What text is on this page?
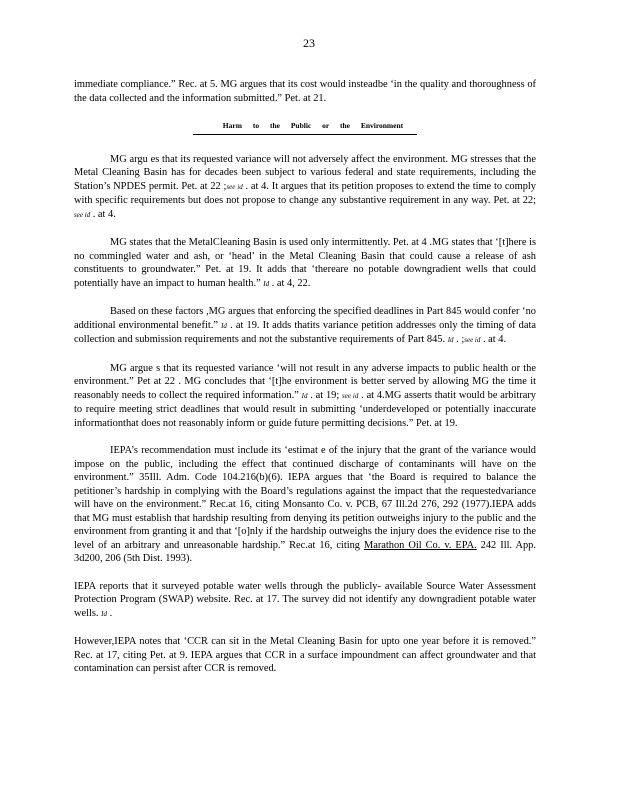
23
immediate compliance.” Rec. at 5. MG argues that its cost would insteadbe ‘in the quality and thoroughness of the data collected and the information submitted.” Pet. at 21.
Harm to the Public or the Environment
MG argu es that its requested variance will not adversely affect the environment. MG stresses that the Metal Cleaning Basin has for decades been subject to various federal and state requirements, including the Station’s NPDES permit. Pet. at 22 ;see id . at 4. It argues that its petition proposes to extend the time to comply with specific requirements but does not propose to change any substantive requirement in any way. Pet. at 22; see id . at 4.
MG states that the MetalCleaning Basin is used only intermittently. Pet. at 4 .MG states that ‘[t]here is no commingled water and ash, or ‘head’ in the Metal Cleaning Basin that could cause a release of ash constituents to groundwater.” Pet. at 19. It adds that ‘thereare no potable downgradient wells that could potentially have an impact to human health.” Id . at 4, 22.
Based on these factors ,MG argues that enforcing the specified deadlines in Part 845 would confer ‘no additional environmental benefit.” Id . at 19. It adds thatits variance petition addresses only the timing of data collection and submission requirements and not the substantive requirements of Part 845. Id . ;see id . at 4.
MG argue s that its requested variance ‘will not result in any adverse impacts to public health or the environment.” Pet at 22 . MG concludes that ‘[t]he environment is better served by allowing MG the time it reasonably needs to collect the required information.” Id . at 19; see id . at 4.MG asserts thatit would be arbitrary to require meeting strict deadlines that would result in submitting ‘underdeveloped or potentially inaccurate informationthat does not reasonably inform or guide future permitting decisions.” Pet. at 19.
IEPA’s recommendation must include its ‘estimat e of the injury that the grant of the variance would impose on the public, including the effect that continued discharge of contaminants will have on the environment.” 35Ill. Adm. Code 104.216(b)(6). IEPA argues that ‘the Board is required to balance the petitioner’s hardship in complying with the Board’s regulations against the impact that the requestedvariance will have on the environment.” Rec.at 16, citing Monsanto Co. v. PCB, 67 Ill.2d 276, 292 (1977).IEPA adds that MG must establish that hardship resulting from denying its petition outweighs injury to the public and the environment from granting it and that ‘[o]nly if the hardship outweighs the injury does the evidence rise to the level of an arbitrary and unreasonable hardship.” Rec.at 16, citing Marathon Oil Co. v. EPA. 242 Ill. App. 3d200, 206 (5th Dist. 1993).
IEPA reports that it surveyed potable water wells through the publicly- available Source Water Assessment Protection Program (SWAP) website. Rec. at 17. The survey did not identify any downgradient potable water wells. Id .
However,IEPA notes that ‘CCR can sit in the Metal Cleaning Basin for upto one year before it is removed.” Rec. at 17, citing Pet. at 9. IEPA argues that CCR in a surface impoundment can affect groundwater and that contamination can persist after CCR is removed.
